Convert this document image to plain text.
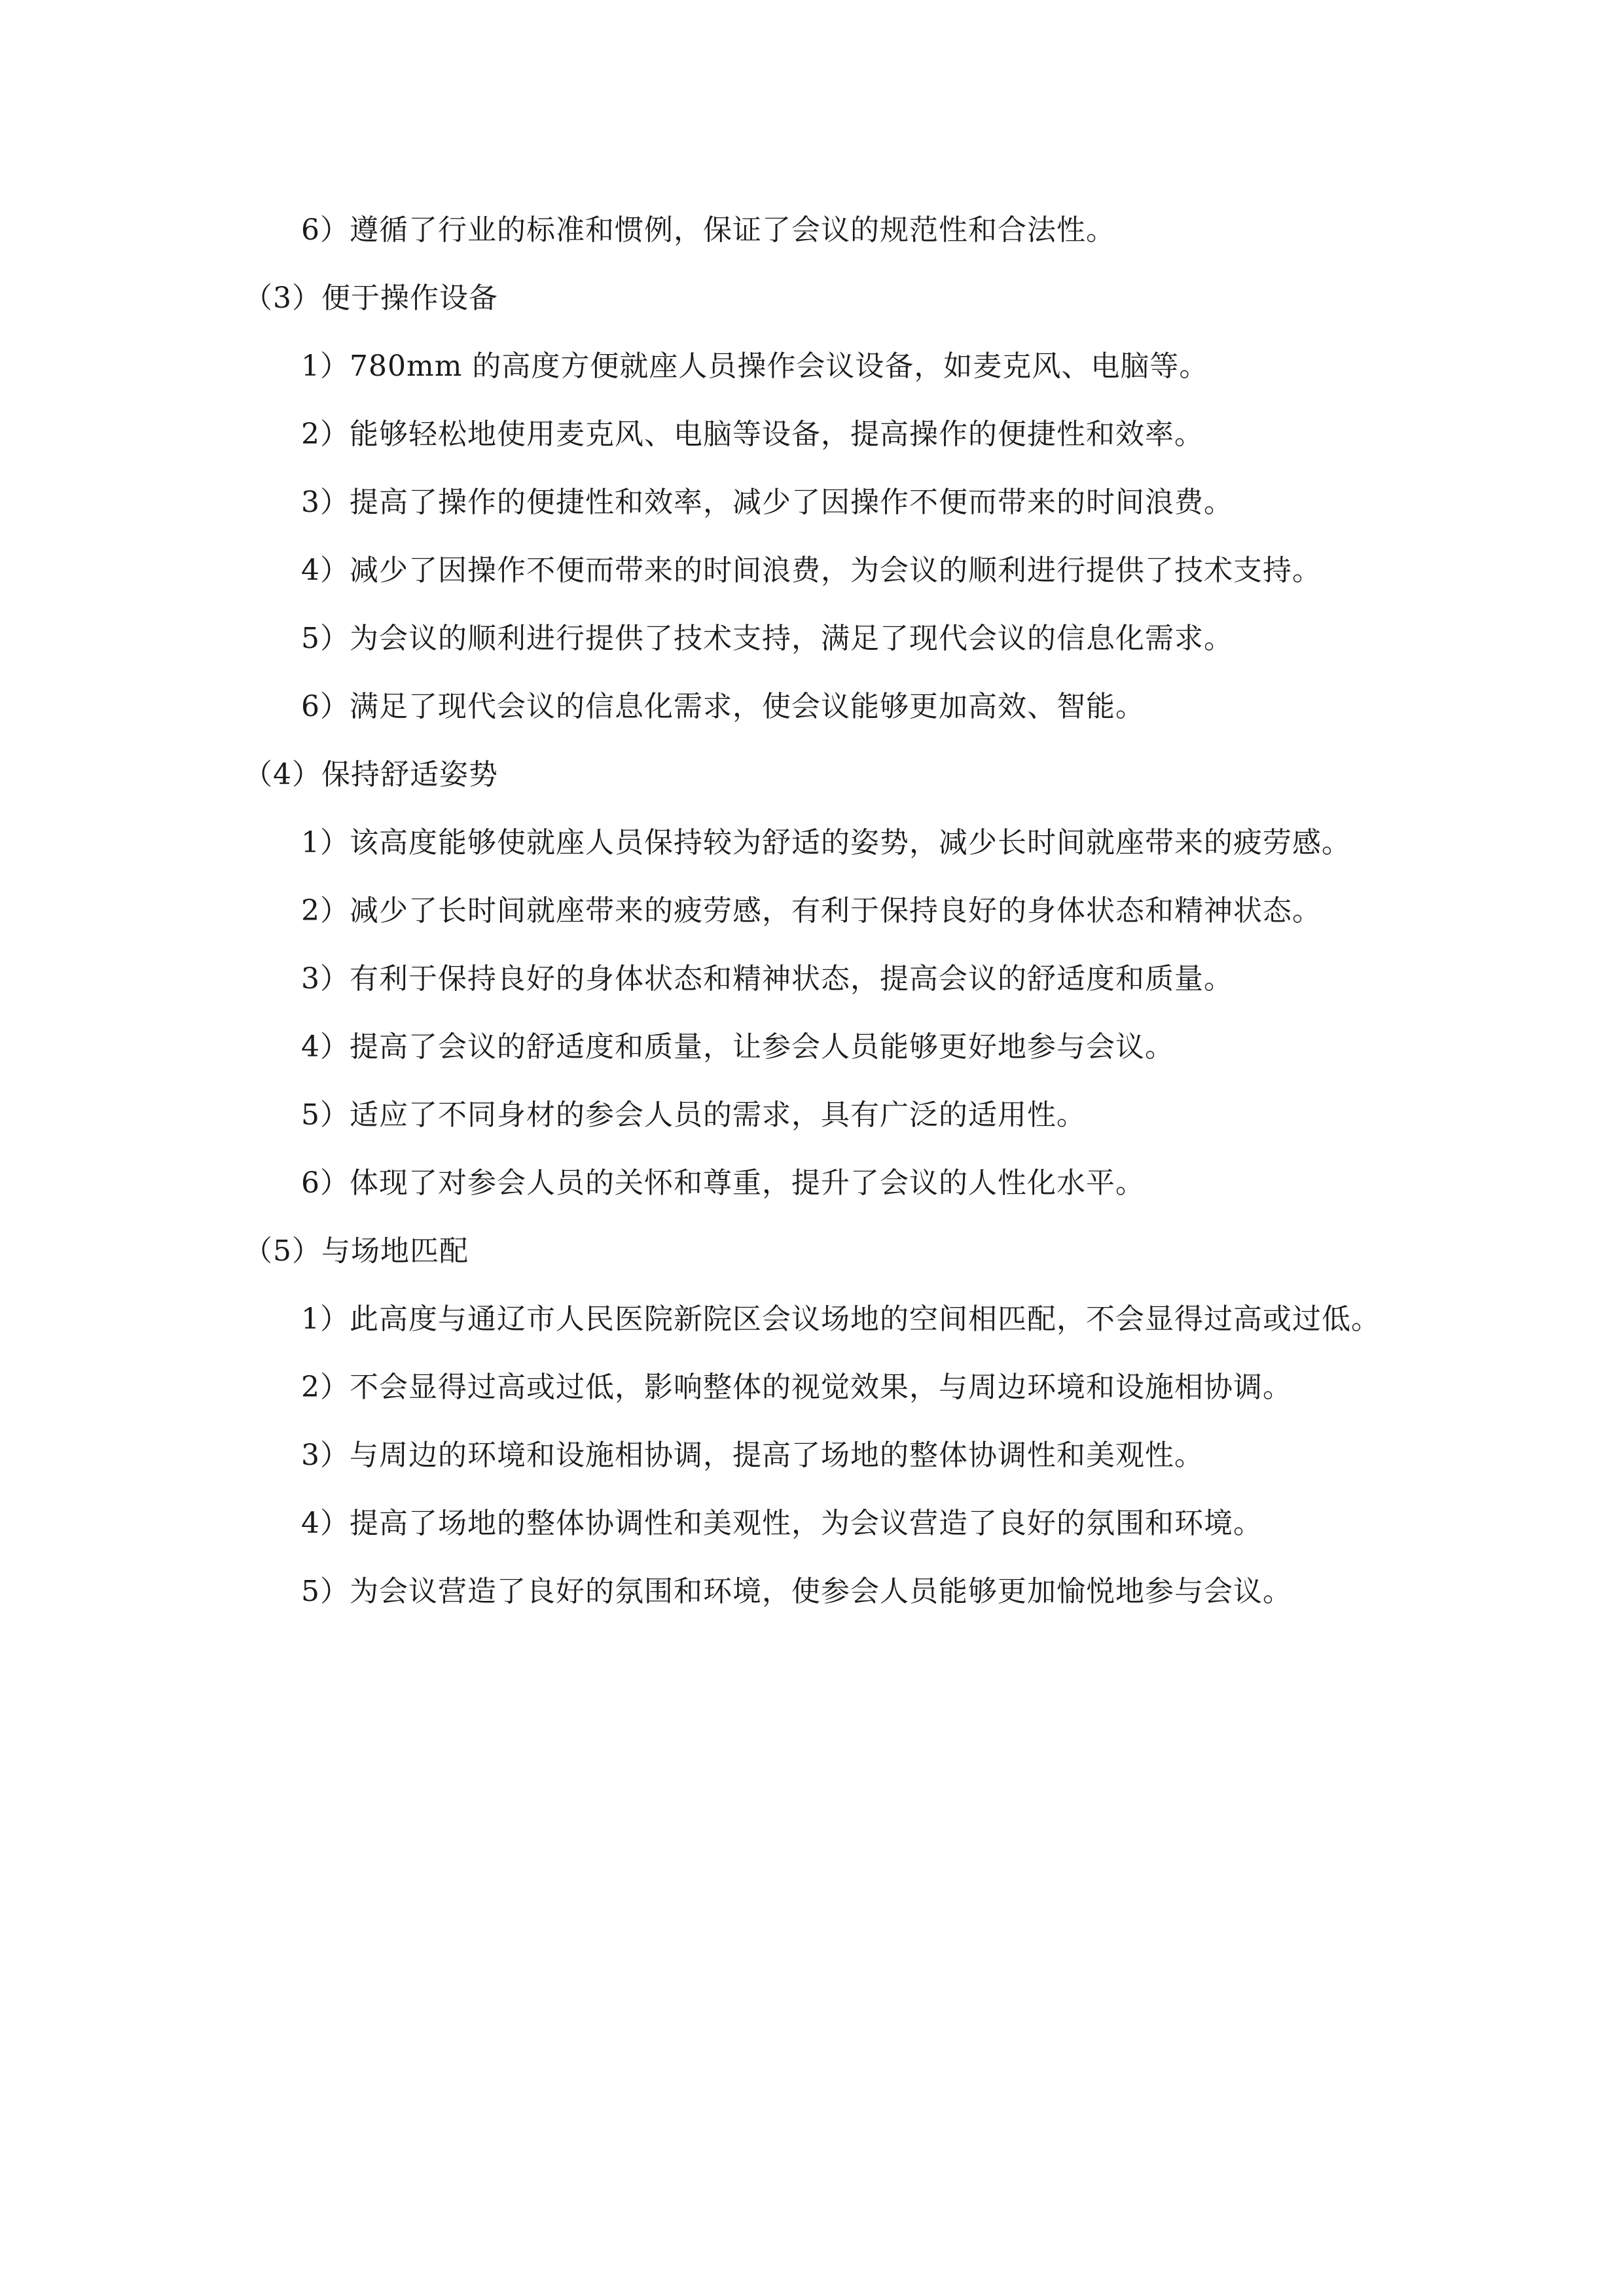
6）遵循了行业的标准和惯例，保证了会议的规范性和合法性。

（3）便于操作设备

1）780mm 的高度方便就座人员操作会议设备，如麦克风、电脑等。

2）能够轻松地使用麦克风、电脑等设备，提高操作的便捷性和效率。

3）提高了操作的便捷性和效率，减少了因操作不便而带来的时间浪费。

4）减少了因操作不便而带来的时间浪费，为会议的顺利进行提供了技术支持。

5）为会议的顺利进行提供了技术支持，满足了现代会议的信息化需求。

6）满足了现代会议的信息化需求，使会议能够更加高效、智能。

（4）保持舒适姿势

1）该高度能够使就座人员保持较为舒适的姿势，减少长时间就座带来的疲劳感。

2）减少了长时间就座带来的疲劳感，有利于保持良好的身体状态和精神状态。

3）有利于保持良好的身体状态和精神状态，提高会议的舒适度和质量。

4）提高了会议的舒适度和质量，让参会人员能够更好地参与会议。

5）适应了不同身材的参会人员的需求，具有广泛的适用性。

6）体现了对参会人员的关怀和尊重，提升了会议的人性化水平。

（5）与场地匹配

1）此高度与通辽市人民医院新院区会议场地的空间相匹配，不会显得过高或过低。

2）不会显得过高或过低，影响整体的视觉效果，与周边环境和设施相协调。

3）与周边的环境和设施相协调，提高了场地的整体协调性和美观性。

4）提高了场地的整体协调性和美观性，为会议营造了良好的氛围和环境。

5）为会议营造了良好的氛围和环境，使参会人员能够更加愉悦地参与会议。
